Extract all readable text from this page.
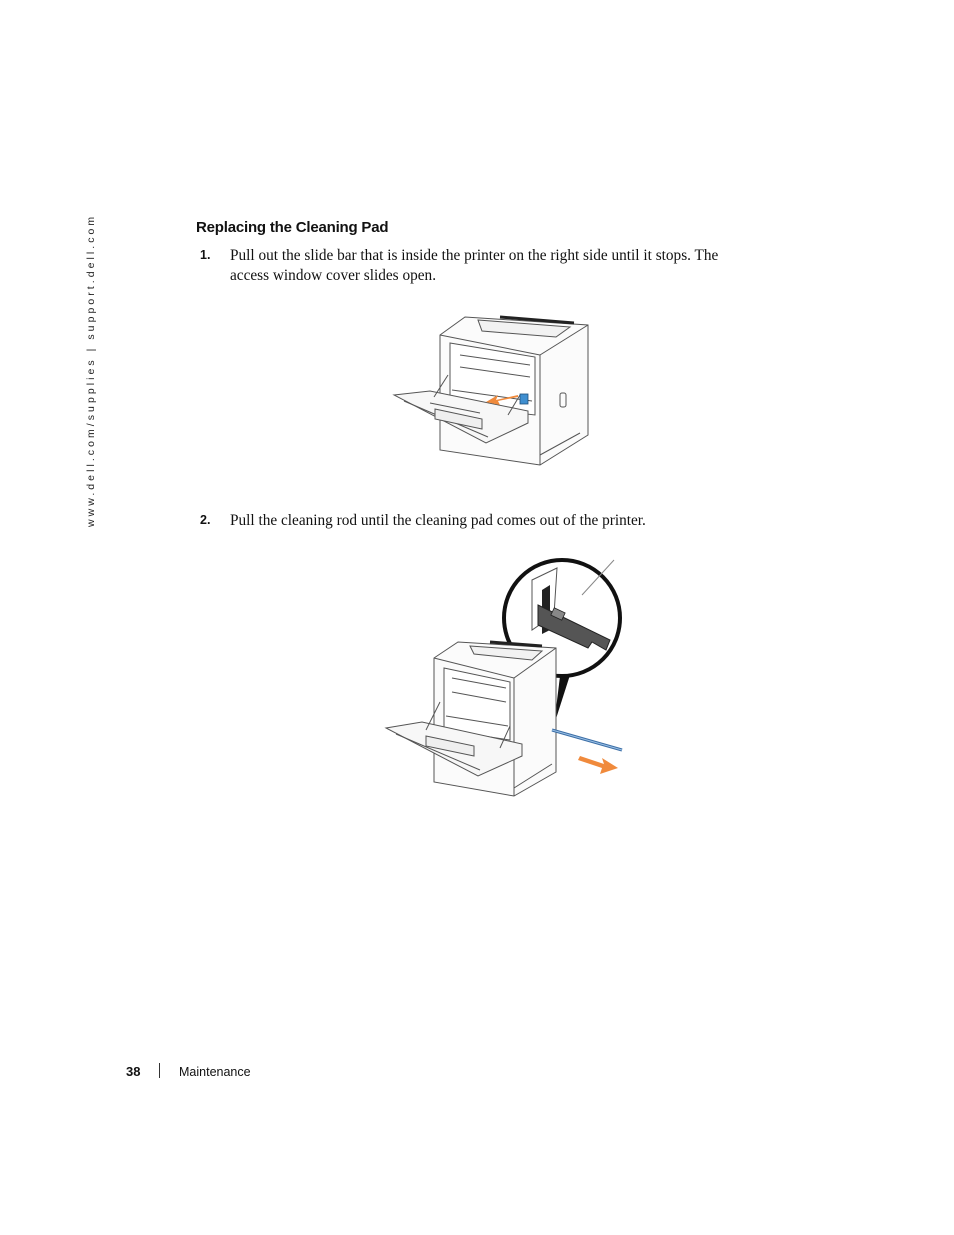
www.dell.com/supplies | support.dell.com	Replacing the Cleaning Pad
1. Pull out the slide bar that is inside the printer on the right side until it stops. The access window cover slides open.
2. Pull the cleaning rod until the cleaning pad comes out of the printer.
38	Maintenance
